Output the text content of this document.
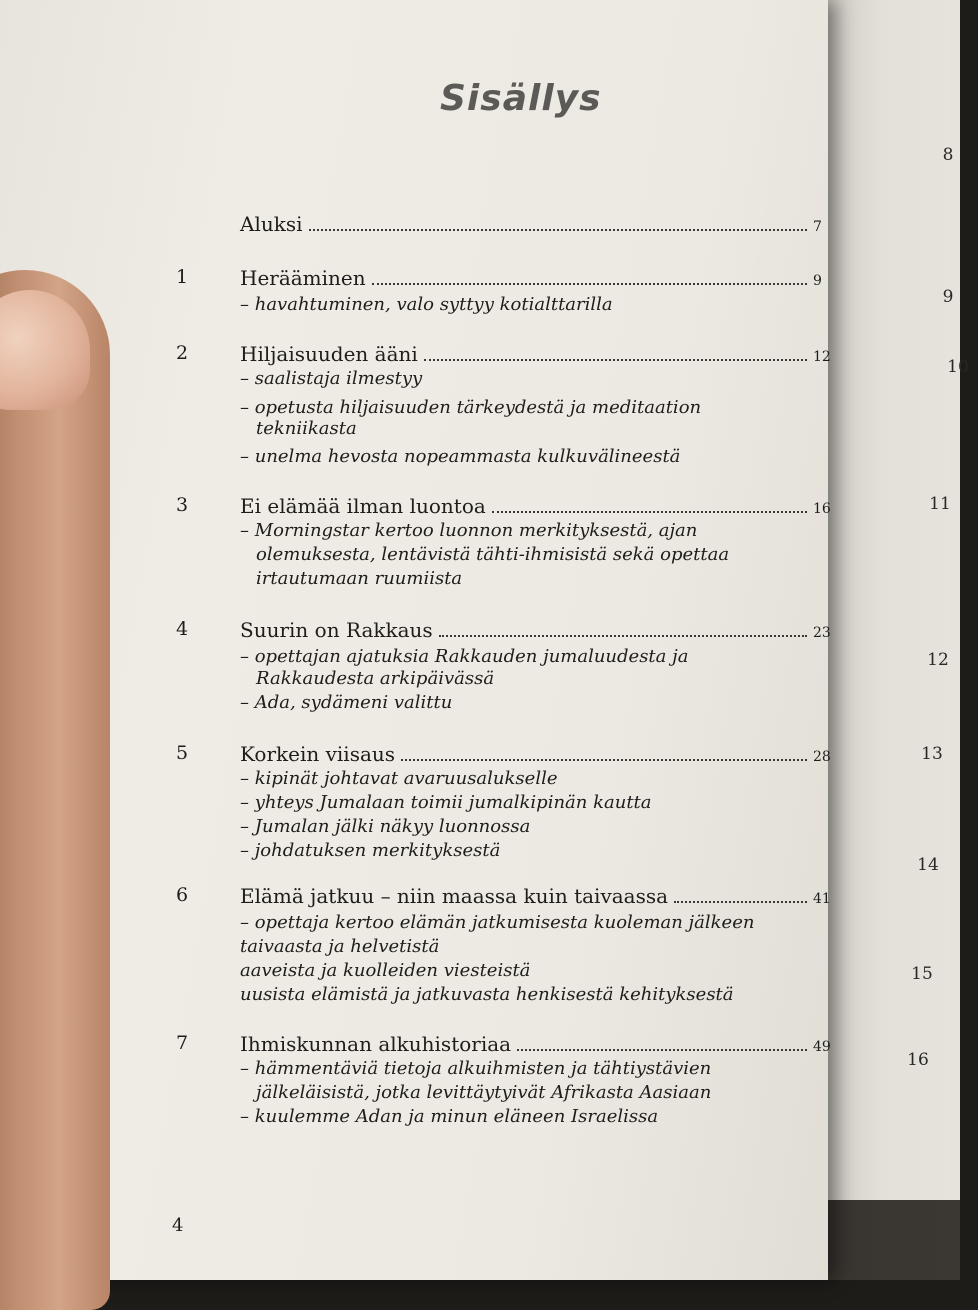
8
9
10
11
12
13
14
15
16
Sisällys
Aluksi	7
1	Herääminen	9
– havahtuminen, valo syttyy kotialttarilla
2	Hiljaisuuden ääni	12
– saalistaja ilmestyy
– opetusta hiljaisuuden tärkeydestä ja meditaation
tekniikasta
– unelma hevosta nopeammasta kulkuvälineestä
3	Ei elämää ilman luontoa	16
– Morningstar kertoo luonnon merkityksestä, ajan
olemuksesta, lentävistä tähti-ihmisistä sekä opettaa
irtautumaan ruumiista
4	Suurin on Rakkaus	23
– opettajan ajatuksia Rakkauden jumaluudesta ja
Rakkaudesta arkipäivässä
– Ada, sydämeni valittu
5	Korkein viisaus	28
– kipinät johtavat avaruusalukselle
– yhteys Jumalaan toimii jumalkipinän kautta
– Jumalan jälki näkyy luonnossa
– johdatuksen merkityksestä
6	Elämä jatkuu – niin maassa kuin taivaassa	41
– opettaja kertoo elämän jatkumisesta kuoleman jälkeen
taivaasta ja helvetistä
aaveista ja kuolleiden viesteistä
uusista elämistä ja jatkuvasta henkisestä kehityksestä
7	Ihmiskunnan alkuhistoriaa	49
– hämmentäviä tietoja alkuihmisten ja tähtiystävien
jälkeläisistä, jotka levittäytyivät Afrikasta Aasiaan
– kuulemme Adan ja minun eläneen Israelissa
4
